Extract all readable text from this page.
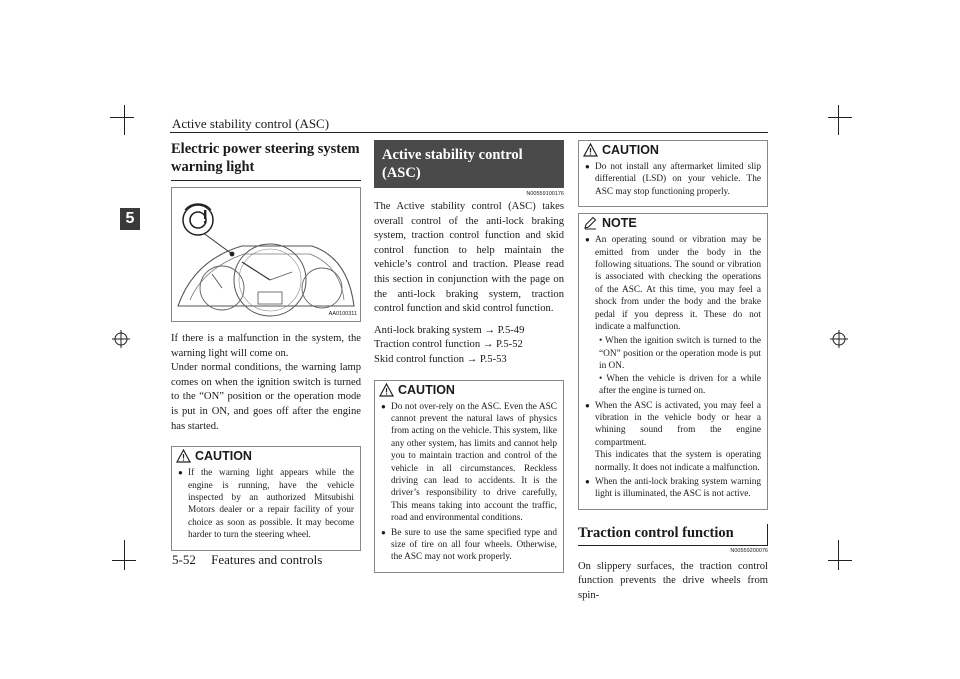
Active stability control (ASC)
5
Electric power steering system warning light
AA0100311
If there is a malfunction in the system, the warning light will come on.
Under normal conditions, the warning lamp comes on when the ignition switch is turned to the “ON” position or the operation mode is put in ON, and goes off after the engine has started.
CAUTION
● If the warning light appears while the engine is running, have the vehicle inspected by an authorized Mitsubishi Motors dealer or a repair facility of your choice as soon as possible. It may become harder to turn the steering wheel.
Active stability control (ASC)
N00559100176
The Active stability control (ASC) takes overall control of the anti-lock braking system, traction control function and skid control function to help maintain the vehicle’s control and traction. Please read this section in conjunction with the page on the anti-lock braking system, traction control function and skid control function.
Anti-lock braking system → P.5-49
Traction control function → P.5-52
Skid control function → P.5-53
CAUTION
● Do not over-rely on the ASC. Even the ASC cannot prevent the natural laws of physics from acting on the vehicle. This system, like any other system, has limits and cannot help you to maintain traction and control of the vehicle in all circumstances. Reckless driving can lead to accidents. It is the driver’s responsibility to drive carefully, This means taking into account the traffic, road and environmental conditions.
● Be sure to use the same specified type and size of tire on all four wheels. Otherwise, the ASC may not work properly.
CAUTION
● Do not install any aftermarket limited slip differential (LSD) on your vehicle. The ASC may stop functioning properly.
NOTE
● An operating sound or vibration may be emitted from under the body in the following situations. The sound or vibration is associated with checking the operations of the ASC. At this time, you may feel a shock from under the body and the brake pedal if you depress it. These do not indicate a malfunction.
• When the ignition switch is turned to the “ON” position or the operation mode is put in ON.
• When the vehicle is driven for a while after the engine is turned on.
● When the ASC is activated, you may feel a vibration in the vehicle body or hear a whining sound from the engine compartment.
This indicates that the system is operating normally. It does not indicate a malfunction.
● When the anti-lock braking system warning light is illuminated, the ASC is not active.
Traction control function
N00559200076
On slippery surfaces, the traction control function prevents the drive wheels from spin-
5-52 Features and controls
